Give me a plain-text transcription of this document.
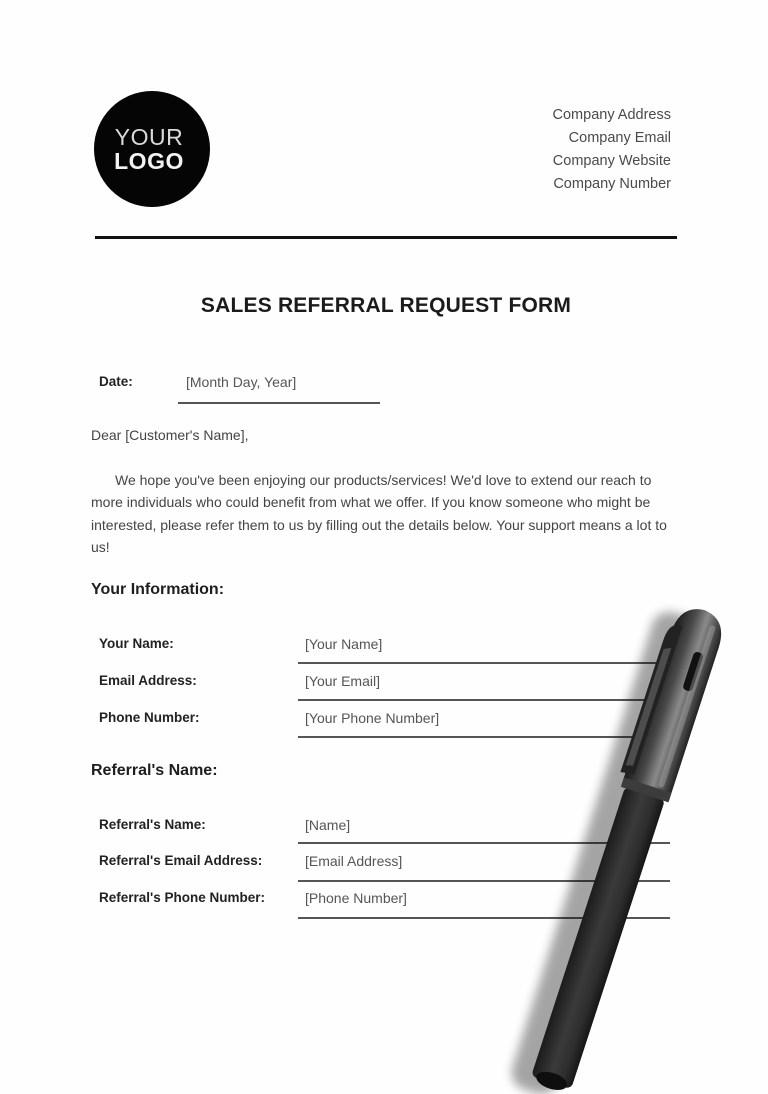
YOUR
LOGO
Company Address
Company Email
Company Website
Company Number
SALES REFERRAL REQUEST FORM
Date:	[Month Day, Year]
Dear [Customer's Name],
We hope you've been enjoying our products/services! We'd love to extend our reach to more individuals who could benefit from what we offer. If you know someone who might be interested, please refer them to us by filling out the details below. Your support means a lot to us!
Your Information:
Your Name:	[Your Name]
Email Address:	[Your Email]
Phone Number:	[Your Phone Number]
Referral's Name:
Referral's Name:	[Name]
Referral's Email Address:	[Email Address]
Referral's Phone Number:	[Phone Number]
